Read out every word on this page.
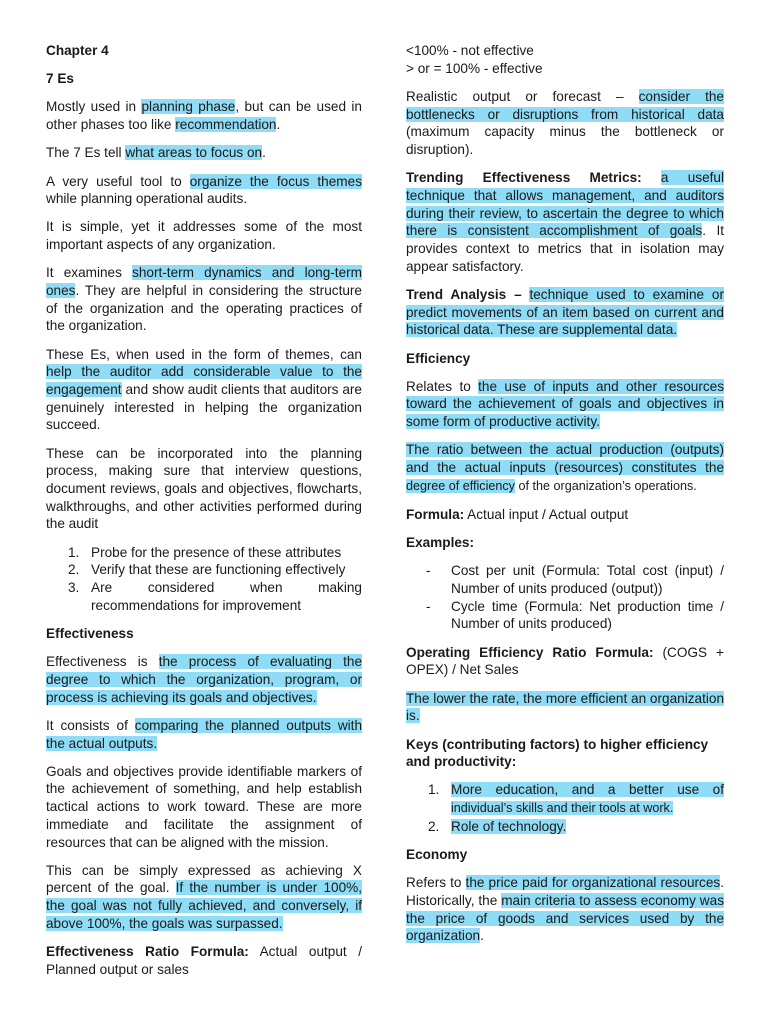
Chapter 4
7 Es

Mostly used in planning phase, but can be used in other phases too like recommendation.

The 7 Es tell what areas to focus on.

A very useful tool to organize the focus themes while planning operational audits.

It is simple, yet it addresses some of the most important aspects of any organization.

It examines short-term dynamics and long-term ones. They are helpful in considering the structure of the organization and the operating practices of the organization.

These Es, when used in the form of themes, can help the auditor add considerable value to the engagement and show audit clients that auditors are genuinely interested in helping the organization succeed.

These can be incorporated into the planning process, making sure that interview questions, document reviews, goals and objectives, flowcharts, walkthroughs, and other activities performed during the audit

1. Probe for the presence of these attributes
2. Verify that these are functioning effectively
3. Are considered when making recommendations for improvement
Effectiveness

Effectiveness is the process of evaluating the degree to which the organization, program, or process is achieving its goals and objectives.

It consists of comparing the planned outputs with the actual outputs.

Goals and objectives provide identifiable markers of the achievement of something, and help establish tactical actions to work toward. These are more immediate and facilitate the assignment of resources that can be aligned with the mission.

This can be simply expressed as achieving X percent of the goal. If the number is under 100%, the goal was not fully achieved, and conversely, if above 100%, the goals was surpassed.

Effectiveness Ratio Formula: Actual output / Planned output or sales

<100% - not effective
> or = 100% - effective

Realistic output or forecast – consider the bottlenecks or disruptions from historical data (maximum capacity minus the bottleneck or disruption).

Trending Effectiveness Metrics: a useful technique that allows management, and auditors during their review, to ascertain the degree to which there is consistent accomplishment of goals. It provides context to metrics that in isolation may appear satisfactory.

Trend Analysis – technique used to examine or predict movements of an item based on current and historical data. These are supplemental data.

Efficiency

Relates to the use of inputs and other resources toward the achievement of goals and objectives in some form of productive activity.

The ratio between the actual production (outputs) and the actual inputs (resources) constitutes the degree of efficiency of the organization’s operations.

Formula: Actual input / Actual output

Examples:
- Cost per unit (Formula: Total cost (input) / Number of units produced (output))
- Cycle time (Formula: Net production time / Number of units produced)

Operating Efficiency Ratio Formula: (COGS + OPEX) / Net Sales

The lower the rate, the more efficient an organization is.

Keys (contributing factors) to higher efficiency and productivity:
1. More education, and a better use of individual’s skills and their tools at work.
2. Role of technology.
Economy

Refers to the price paid for organizational resources. Historically, the main criteria to assess economy was the price of goods and services used by the organization.
